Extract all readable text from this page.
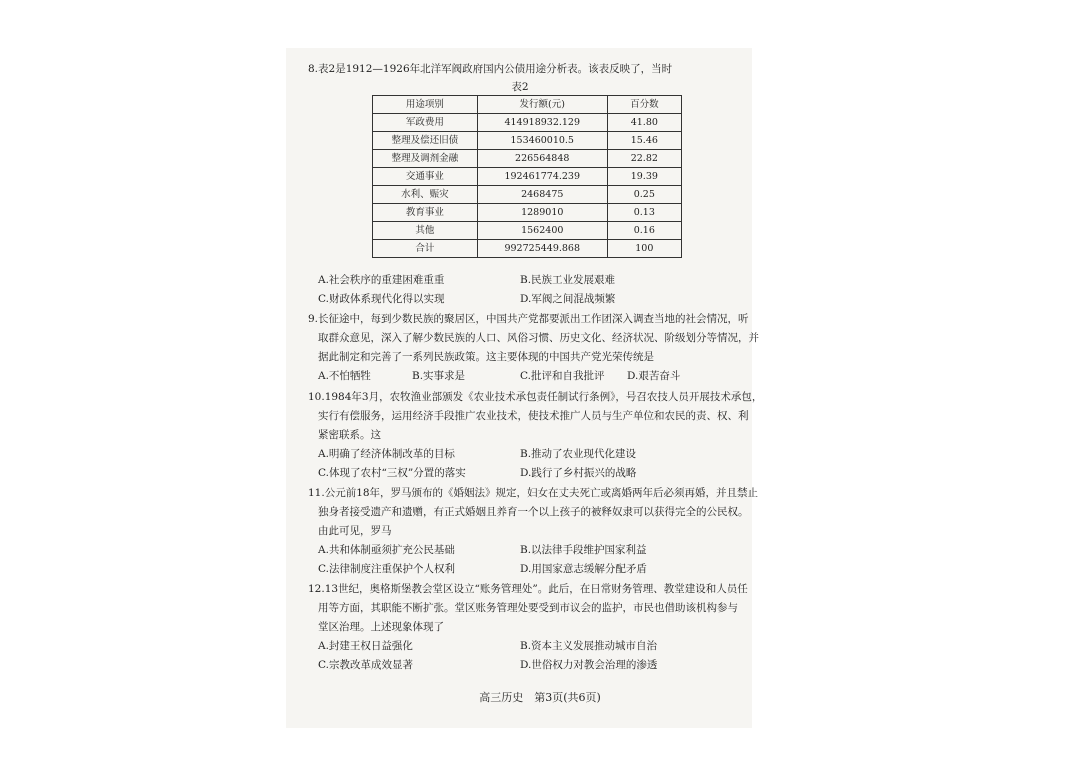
8.表2是1912—1926年北洋军阀政府国内公债用途分析表。该表反映了，当时
表2
用途项别	发行额(元)	百分数
军政费用	414918932.129	41.80
整理及偿还旧债	153460010.5	15.46
整理及调剂金融	226564848	22.82
交通事业	192461774.239	19.39
水利、赈灾	2468475	0.25
教育事业	1289010	0.13
其他	1562400	0.16
合计	992725449.868	100
A.社会秩序的重建困难重重	B.民族工业发展艰难
C.财政体系现代化得以实现	D.军阀之间混战频繁
9.长征途中，每到少数民族的聚居区，中国共产党都要派出工作团深入调查当地的社会情况，听
取群众意见，深入了解少数民族的人口、风俗习惯、历史文化、经济状况、阶级划分等情况，并
据此制定和完善了一系列民族政策。这主要体现的中国共产党光荣传统是
A.不怕牺牲	B.实事求是	C.批评和自我批评 D.艰苦奋斗
10.1984年3月，农牧渔业部颁发《农业技术承包责任制试行条例》，号召农技人员开展技术承包，
实行有偿服务，运用经济手段推广农业技术，使技术推广人员与生产单位和农民的责、权、利
紧密联系。这
A.明确了经济体制改革的目标	B.推动了农业现代化建设
C.体现了农村“三权”分置的落实	D.践行了乡村振兴的战略
11.公元前18年，罗马颁布的《婚姻法》规定，妇女在丈夫死亡或离婚两年后必须再婚，并且禁止
独身者接受遗产和遗赠，有正式婚姻且养育一个以上孩子的被释奴隶可以获得完全的公民权。
由此可见，罗马
A.共和体制亟须扩充公民基础	B.以法律手段维护国家利益
C.法律制度注重保护个人权利	D.用国家意志缓解分配矛盾
12.13世纪，奥格斯堡教会堂区设立“账务管理处”。此后，在日常财务管理、教堂建设和人员任
用等方面，其职能不断扩张。堂区账务管理处要受到市议会的监护，市民也借助该机构参与
堂区治理。上述现象体现了
A.封建王权日益强化	B.资本主义发展推动城市自治
C.宗教改革成效显著	D.世俗权力对教会治理的渗透
高三历史　第3页(共6页)
